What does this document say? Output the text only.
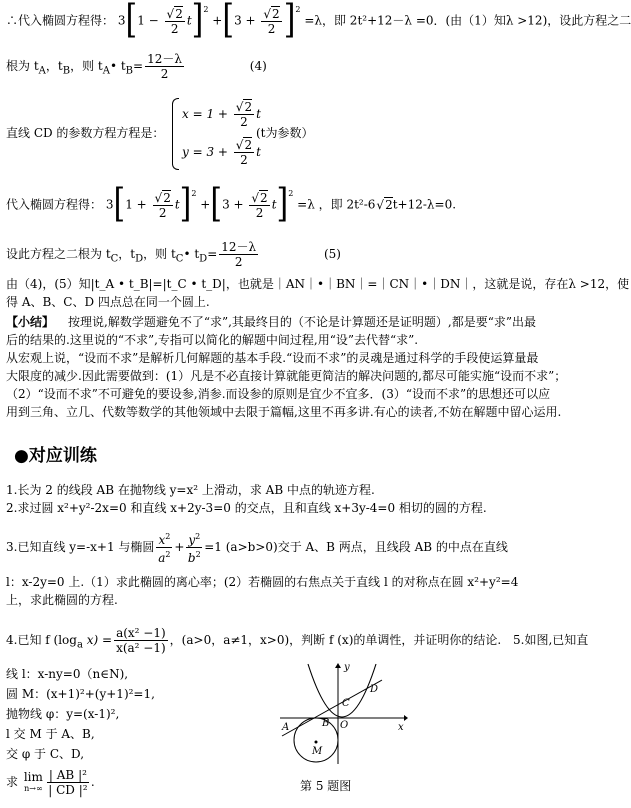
∴代入椭圆方程得： $3[1 - \frac{√2}{2} t]^2 +[3 + \frac{√2}{2} ]^2 =\lambda$，即 2t²+12－λ =0．(由（1）知λ >12)，设此方程之二
根为 $t_A$，$t_B$，则 $t_A•$ $t_B= \frac{12-\lambda}{2}$	(4)
直线 CD 的参数方程方程是：
$x = 1 + \frac{√2}{2}$ t
$y = 3 + \frac{√2}{2}$ t
(t为参数）
代入椭圆方程得： $3[1 + \frac{√2}{2} t]^2 +[3 + \frac{√2}{2} t]^2 =\lambda$ ，即 2t²-6√2t+12-λ=0.
设此方程之二根为 $t_C$，$t_D$，则 $t_C•$ $t_D= \frac{12-\lambda}{2}$	(5)
由（4)，(5）知|t_A • t_B|=|t_C • t_D|，也就是｜AN｜•｜BN｜=｜CN｜•｜DN｜，这就是说，存在λ >12，使
得 A、B、C、D 四点总在同一个圆上.
【小结】 按理说,解数学题避免不了“求”,其最终目的（不论是计算题还是证明题）,都是要“求”出最
后的结果的.这里说的“不求”,专指可以简化的解题中间过程,用“设”去代替“求”.
从宏观上说，“设而不求”是解析几何解题的基本手段.“设而不求”的灵魂是通过科学的手段使运算量最
大限度的减少.因此需要做到：(1）凡是不必直接计算就能更简洁的解决问题的,都尽可能实施“设而不求”；
（2）“设而不求”不可避免的要设参,消参.而设参的原则是宜少不宜多．(3）“设而不求”的思想还可以应
用到三角、立几、代数等数学的其他领域中去限于篇幅,这里不再多讲.有心的读者,不妨在解题中留心运用.
●对应训练
1.长为 2 的线段 AB 在抛物线 y=x² 上滑动，求 AB 中点的轨迹方程.
2.求过圆 x²+y²-2x=0 和直线 x+2y-3=0 的交点，且和直线 x+3y-4=0 相切的圆的方程.
3.已知直线 y=-x+1 与椭圆 $\frac{x^2}{a^2} + \frac{y^2}{b^2} =1$ (a>b>0)交于 A、B 两点，且线段 AB 的中点在直线
l：x-2y=0 上.（1）求此椭圆的离心率；(2）若椭圆的右焦点关于直线 l 的对称点在圆 x²+y²=4
上，求此椭圆的方程.
4.已知 f ($\log_a$ $x) = \frac{\text{a(x² −1)}}{\text{x(a² −1)}}$ ，(a>0，a≠1，x>0)，判断 f (x)的单调性，并证明你的结论. 5.如图,已知直
线 l：x-ny=0（n∈N),
圆 M：(x+1)²+(y+1)²=1,
抛物线 φ：y=(x-1)²,
l 交 M 于 A、B,
交 φ 于 C、D,
求 lim
$n\to\infty \frac{\text{| AB |²}}{\text{| CD |²}}$ .
y
x
O
A	B
C
D
M
第 5 题图
